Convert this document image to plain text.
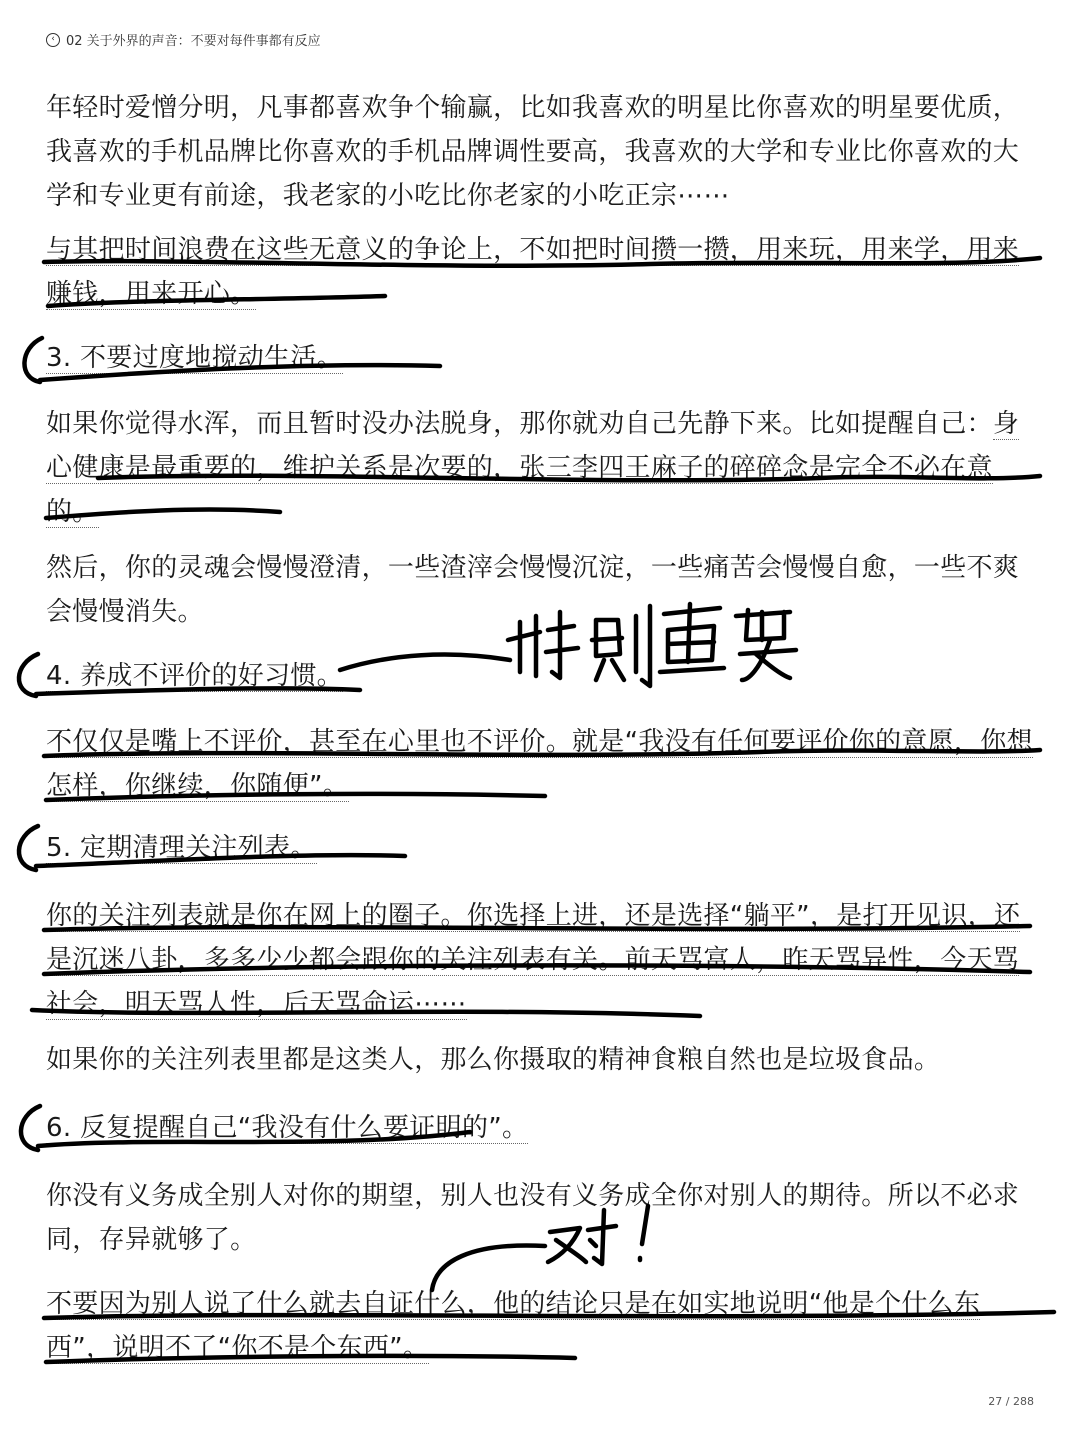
‹ 02 关于外界的声音：不要对每件事都有反应

年轻时爱憎分明，凡事都喜欢争个输赢，比如我喜欢的明星比你喜欢的明星要优质，我喜欢的手机品牌比你喜欢的手机品牌调性要高，我喜欢的大学和专业比你喜欢的大学和专业更有前途，我老家的小吃比你老家的小吃正宗⋯⋯

与其把时间浪费在这些无意义的争论上，不如把时间攒一攒，用来玩，用来学，用来赚钱，用来开心。

3. 不要过度地搅动生活。

如果你觉得水浑，而且暂时没办法脱身，那你就劝自己先静下来。比如提醒自己：身心健康是最重要的，维护关系是次要的，张三李四王麻子的碎碎念是完全不必在意的。

然后，你的灵魂会慢慢澄清，一些渣滓会慢慢沉淀，一些痛苦会慢慢自愈，一些不爽会慢慢消失。

4. 养成不评价的好习惯。

不仅仅是嘴上不评价，甚至在心里也不评价。就是“我没有任何要评价你的意愿，你想怎样，你继续，你随便”。

5. 定期清理关注列表。

你的关注列表就是你在网上的圈子。你选择上进，还是选择“躺平”，是打开见识，还是沉迷八卦，多多少少都会跟你的关注列表有关。前天骂富人，昨天骂异性，今天骂社会，明天骂人性，后天骂命运⋯⋯

如果你的关注列表里都是这类人，那么你摄取的精神食粮自然也是垃圾食品。

6. 反复提醒自己“我没有什么要证明的”。

你没有义务成全别人对你的期望，别人也没有义务成全你对别人的期待。所以不必求同，存异就够了。

不要因为别人说了什么就去自证什么，他的结论只是在如实地说明“他是个什么东西”，说明不了“你不是个东西”。

27 / 288
